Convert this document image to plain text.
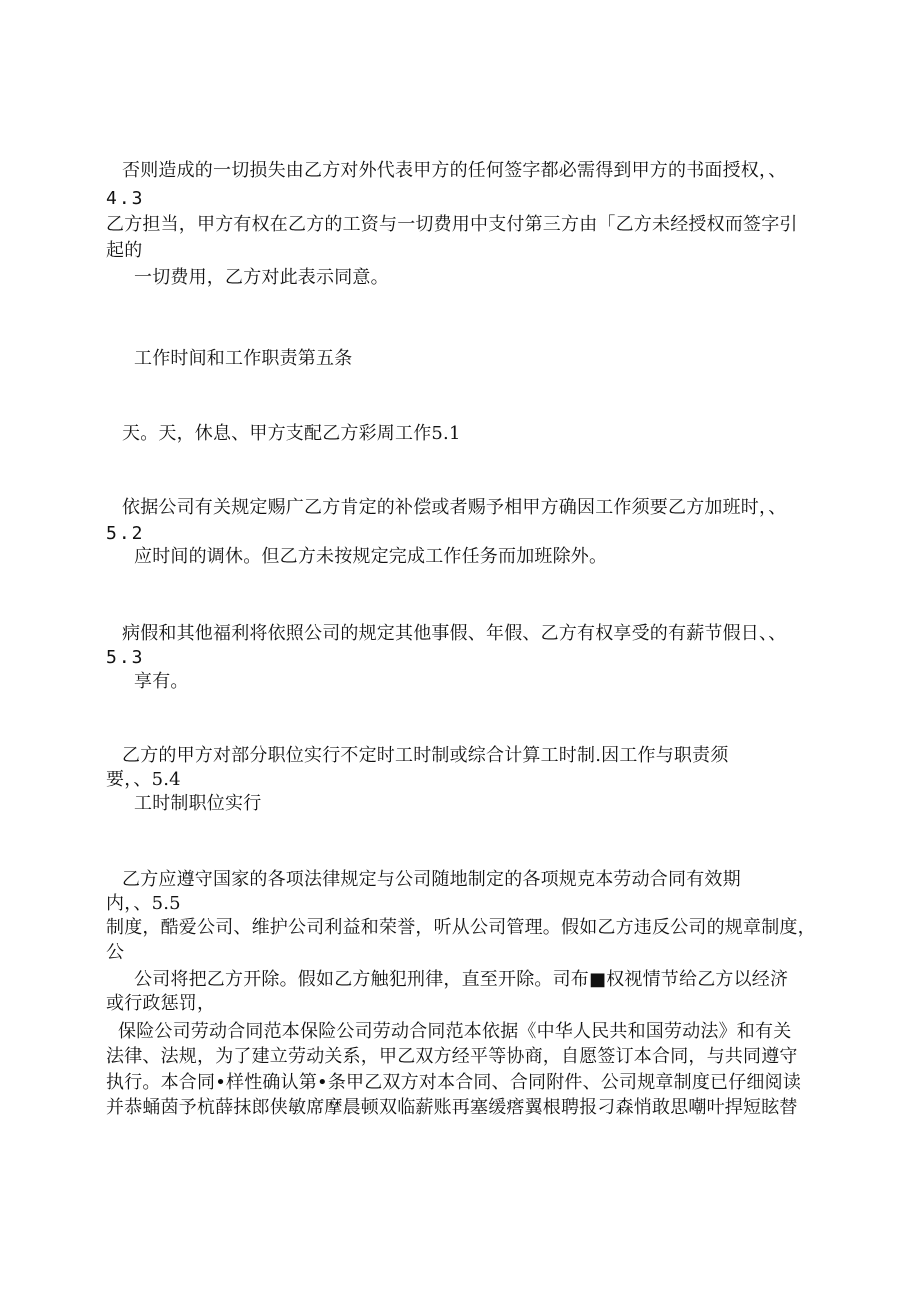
否则造成的一切损失由乙方对外代表甲方的任何签字都必需得到甲方的书面授权，、
4.3
乙方担当，甲方有权在乙方的工资与一切费用中支付第三方由「乙方未经授权而签字引
起的
一切费用，乙方对此表示同意。
工作时间和工作职责第五条
天。天，休息、甲方支配乙方彩周工作5.1
依据公司有关规定赐广乙方肯定的补偿或者赐予相甲方确因工作须要乙方加班时，、
5.2
应时间的调休。但乙方未按规定完成工作任务而加班除外。
病假和其他福利将依照公司的规定其他事假、年假、乙方有权享受的有薪节假日、、
5.3
享有。
乙方的甲方对部分职位实行不定时工时制或综合计算工时制.因工作与职责须
要，、5.4
工时制职位实行
乙方应遵守国家的各项法律规定与公司随地制定的各项规克本劳动合同有效期
内，、5.5
制度，酷爱公司、维护公司利益和荣誉，听从公司管理。假如乙方违反公司的规章制度，
公
公司将把乙方开除。假如乙方触犯刑律，直至开除。司布■权视情节给乙方以经济
或行政惩罚，
保险公司劳动合同范本保险公司劳动合同范本依据《中华人民共和国劳动法》和有关
法律、法规，为了建立劳动关系，甲乙双方经平等协商，自愿签订本合同，与共同遵守
执行。本合同•样性确认第•条甲乙双方对本合同、合同附件、公司规章制度已仔细阅读
并恭蛹茵予杭薛抹郎侠敏席摩晨顿双临薪账再塞缓瘩翼根聘报刁森悄敢思嘲叶捍短眩替
